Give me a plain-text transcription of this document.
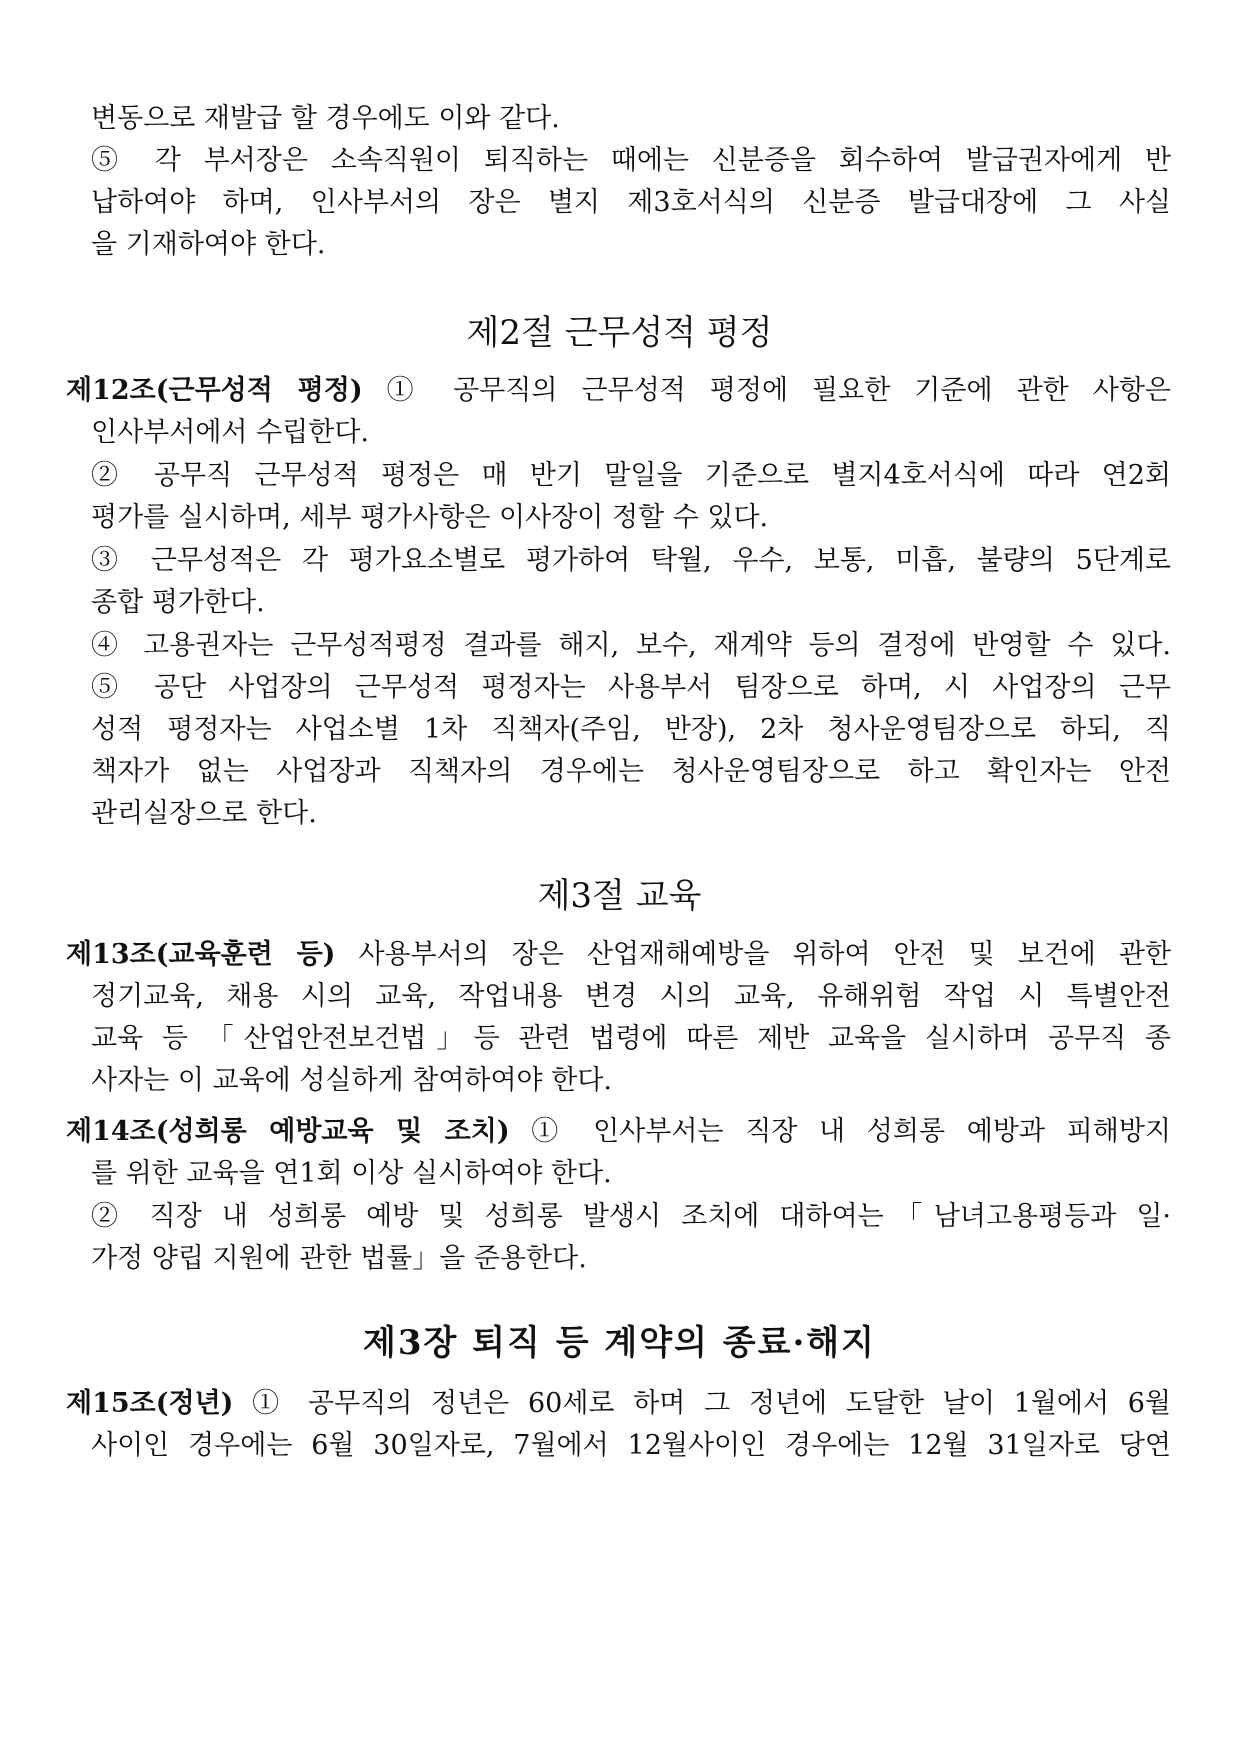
변동으로 재발급 할 경우에도 이와 같다.
⑤ 각 부서장은 소속직원이 퇴직하는 때에는 신분증을 회수하여 발급권자에게 반
납하여야 하며, 인사부서의 장은 별지 제3호서식의 신분증 발급대장에 그 사실
을 기재하여야 한다.
제2절 근무성적 평정
제12조(근무성적 평정) ① 공무직의 근무성적 평정에 필요한 기준에 관한 사항은
인사부서에서 수립한다.
② 공무직 근무성적 평정은 매 반기 말일을 기준으로 별지4호서식에 따라 연2회
평가를 실시하며, 세부 평가사항은 이사장이 정할 수 있다.
③ 근무성적은 각 평가요소별로 평가하여 탁월, 우수, 보통, 미흡, 불량의 5단계로
종합 평가한다.
④ 고용권자는 근무성적평정 결과를 해지, 보수, 재계약 등의 결정에 반영할 수 있다.
⑤ 공단 사업장의 근무성적 평정자는 사용부서 팀장으로 하며, 시 사업장의 근무
성적 평정자는 사업소별 1차 직책자(주임, 반장), 2차 청사운영팀장으로 하되, 직
책자가 없는 사업장과 직책자의 경우에는 청사운영팀장으로 하고 확인자는 안전
관리실장으로 한다.
제3절 교육
제13조(교육훈련 등) 사용부서의 장은 산업재해예방을 위하여 안전 및 보건에 관한
정기교육, 채용 시의 교육, 작업내용 변경 시의 교육, 유해위험 작업 시 특별안전
교육 등 「산업안전보건법」등 관련 법령에 따른 제반 교육을 실시하며 공무직 종
사자는 이 교육에 성실하게 참여하여야 한다.
제14조(성희롱 예방교육 및 조치) ① 인사부서는 직장 내 성희롱 예방과 피해방지
를 위한 교육을 연1회 이상 실시하여야 한다.
② 직장 내 성희롱 예방 및 성희롱 발생시 조치에 대하여는「남녀고용평등과 일·
가정 양립 지원에 관한 법률」을 준용한다.
제3장 퇴직 등 계약의 종료·해지
제15조(정년) ① 공무직의 정년은 60세로 하며 그 정년에 도달한 날이 1월에서 6월
사이인 경우에는 6월 30일자로, 7월에서 12월사이인 경우에는 12월 31일자로 당연
